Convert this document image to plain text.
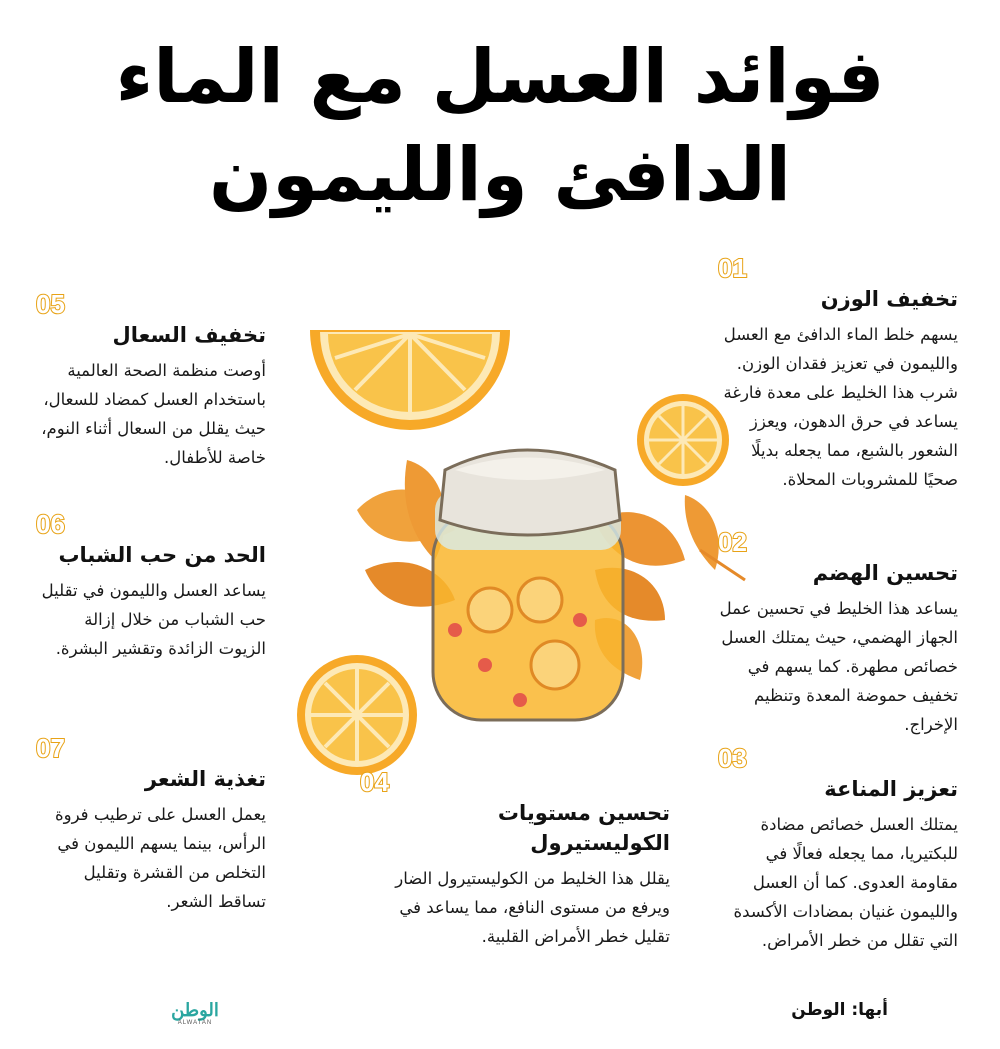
فوائد العسل مع الماء
الدافئ والليمون
01
تخفيف الوزن
يسهم خلط الماء الدافئ مع العسل والليمون في تعزيز فقدان الوزن. شرب هذا الخليط على معدة فارغة يساعد في حرق الدهون، ويعزز الشعور بالشبع، مما يجعله بديلًا صحيًا للمشروبات المحلاة.
02
تحسين الهضم
يساعد هذا الخليط في تحسين عمل الجهاز الهضمي، حيث يمتلك العسل خصائص مطهرة. كما يسهم في تخفيف حموضة المعدة وتنظيم الإخراج.
03
تعزيز المناعة
يمتلك العسل خصائص مضادة للبكتيريا، مما يجعله فعالًا في مقاومة العدوى. كما أن العسل والليمون غنيان بمضادات الأكسدة التي تقلل من خطر الأمراض.
04
تحسين مستويات الكوليستيرول
يقلل هذا الخليط من الكوليستيرول الضار ويرفع من مستوى النافع، مما يساعد في تقليل خطر الأمراض القلبية.
05
تخفيف السعال
أوصت منظمة الصحة العالمية باستخدام العسل كمضاد للسعال، حيث يقلل من السعال أثناء النوم، خاصة للأطفال.
06
الحد من حب الشباب
يساعد العسل والليمون في تقليل حب الشباب من خلال إزالة الزيوت الزائدة وتقشير البشرة.
07
تغذية الشعر
يعمل العسل على ترطيب فروة الرأس، بينما يسهم الليمون في التخلص من القشرة وتقليل تساقط الشعر.
الوطن
ALWATAN
أبها: الوطن
